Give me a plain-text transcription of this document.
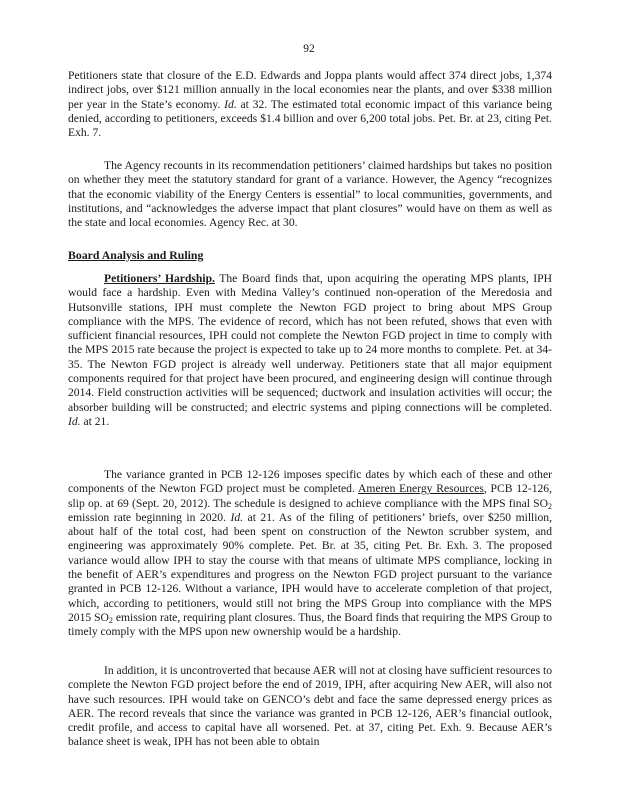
92

Petitioners state that closure of the E.D. Edwards and Joppa plants would affect 374 direct jobs, 1,374 indirect jobs, over $121 million annually in the local economies near the plants, and over $338 million per year in the State’s economy. Id. at 32. The estimated total economic impact of this variance being denied, according to petitioners, exceeds $1.4 billion and over 6,200 total jobs. Pet. Br. at 23, citing Pet. Exh. 7.

The Agency recounts in its recommendation petitioners’ claimed hardships but takes no position on whether they meet the statutory standard for grant of a variance. However, the Agency “recognizes that the economic viability of the Energy Centers is essential” to local communities, governments, and institutions, and “acknowledges the adverse impact that plant closures” would have on them as well as the state and local economies. Agency Rec. at 30.

Board Analysis and Ruling

Petitioners’ Hardship. The Board finds that, upon acquiring the operating MPS plants, IPH would face a hardship. Even with Medina Valley’s continued non-operation of the Meredosia and Hutsonville stations, IPH must complete the Newton FGD project to bring about MPS Group compliance with the MPS. The evidence of record, which has not been refuted, shows that even with sufficient financial resources, IPH could not complete the Newton FGD project in time to comply with the MPS 2015 rate because the project is expected to take up to 24 more months to complete. Pet. at 34-35. The Newton FGD project is already well underway. Petitioners state that all major equipment components required for that project have been procured, and engineering design will continue through 2014. Field construction activities will be sequenced; ductwork and insulation activities will occur; the absorber building will be constructed; and electric systems and piping connections will be completed. Id. at 21.

The variance granted in PCB 12-126 imposes specific dates by which each of these and other components of the Newton FGD project must be completed. Ameren Energy Resources, PCB 12-126, slip op. at 69 (Sept. 20, 2012). The schedule is designed to achieve compliance with the MPS final $SO_2$ emission rate beginning in 2020. Id. at 21. As of the filing of petitioners’ briefs, over $250 million, about half of the total cost, had been spent on construction of the Newton scrubber system, and engineering was approximately 90% complete. Pet. Br. at 35, citing Pet. Br. Exh. 3. The proposed variance would allow IPH to stay the course with that means of ultimate MPS compliance, locking in the benefit of AER’s expenditures and progress on the Newton FGD project pursuant to the variance granted in PCB 12-126. Without a variance, IPH would have to accelerate completion of that project, which, according to petitioners, would still not bring the MPS Group into compliance with the MPS 2015 $SO_2$ emission rate, requiring plant closures. Thus, the Board finds that requiring the MPS Group to timely comply with the MPS upon new ownership would be a hardship.

In addition, it is uncontroverted that because AER will not at closing have sufficient resources to complete the Newton FGD project before the end of 2019, IPH, after acquiring New AER, will also not have such resources. IPH would take on GENCO’s debt and face the same depressed energy prices as AER. The record reveals that since the variance was granted in PCB 12-126, AER’s financial outlook, credit profile, and access to capital have all worsened. Pet. at 37, citing Pet. Exh. 9. Because AER’s balance sheet is weak, IPH has not been able to obtain
